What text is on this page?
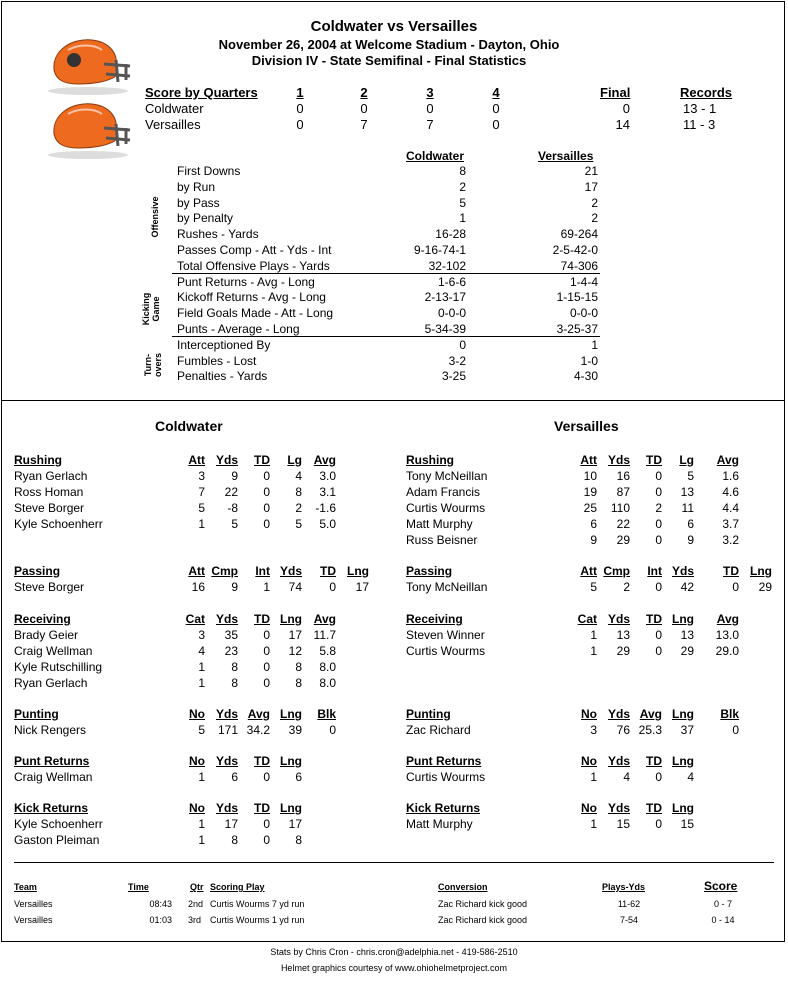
Coldwater vs Versailles
November 26, 2004 at Welcome Stadium - Dayton, Ohio
Division IV - State Semifinal - Final Statistics
Score by Quarters	1	2	3	4	Final	Records
Coldwater	0	0	0	0	0	13 - 1
Versailles	0	7	7	0	14	11 - 3
Coldwater	Versailles
First Downs	8	21
by Run	2	17
by Pass	5	2
by Penalty	1	2
Rushes - Yards	16-28	69-264
Passes Comp - Att - Yds - Int	9-16-74-1	2-5-42-0
Total Offensive Plays - Yards	32-102	74-306
Punt Returns - Avg - Long	1-6-6	1-4-4
Kickoff Returns - Avg - Long	2-13-17	1-15-15
Field Goals Made - Att - Long	0-0-0	0-0-0
Punts - Average - Long	5-34-39	3-25-37
Interceptioned By	0	1
Fumbles - Lost	3-2	1-0
Penalties - Yards	3-25	4-30
Offensive
Kicking Game
Turn-overs
Coldwater	Versailles
Rushing	Att Yds	TD	Lg Avg
Ryan Gerlach	3	9	0	4	3.0
Ross Homan	7	22	0	8	3.1
Steve Borger	5	-8	0	2	-1.6
Kyle Schoenherr	1	5	0	5	5.0
Passing	Att Cmp	Int Yds	TD Lng
Steve Borger	16	9	1	74	0	17
Receiving	Cat Yds	TD Lng Avg
Brady Geier	3	35	0	17 11.7
Craig Wellman	4	23	0	12	5.8
Kyle Rutschilling	1	8	0	8	8.0
Ryan Gerlach	1	8	0	8	8.0
Punting	No Yds Avg Lng	Blk
Nick Rengers	5	171 34.2	39	0
Punt Returns	No Yds	TD Lng
Craig Wellman	1	6	0	6
Kick Returns	No Yds	TD Lng
Kyle Schoenherr	1	17	0	17
Gaston Pleiman	1	8	0	8
Rushing	Att Yds	TD	Lg	Avg
Tony McNeillan	10	16	0	5	1.6
Adam Francis	19	87	0	13	4.6
Curtis Wourms	25	110	2	11	4.4
Matt Murphy	6	22	0	6	3.7
Russ Beisner	9	29	0	9	3.2
Passing	Att Cmp	Int Yds	TD Lng
Tony McNeillan	5	2	0	42	0	29
Receiving	Cat Yds	TD Lng	Avg
Steven Winner	1	13	0	13	13.0
Curtis Wourms	1	29	0	29	29.0
Punting	No Yds Avg Lng	Blk
Zac Richard	3	76 25.3	37	0
Punt Returns	No Yds	TD Lng
Curtis Wourms	1	4	0	4
Kick Returns	No Yds	TD Lng
Matt Murphy	1	15	0	15
Team	Time	Qtr Scoring Play	Conversion	Plays-Yds	Score
Versailles	08:43 2nd Curtis Wourms 7 yd run	Zac Richard kick good	11-62	0 - 7
Versailles	01:03 3rd Curtis Wourms 1 yd run	Zac Richard kick good	7-54	0 - 14
Stats by Chris Cron - chris.cron@adelphia.net - 419-586-2510
Helmet graphics courtesy of www.ohiohelmetproject.com
